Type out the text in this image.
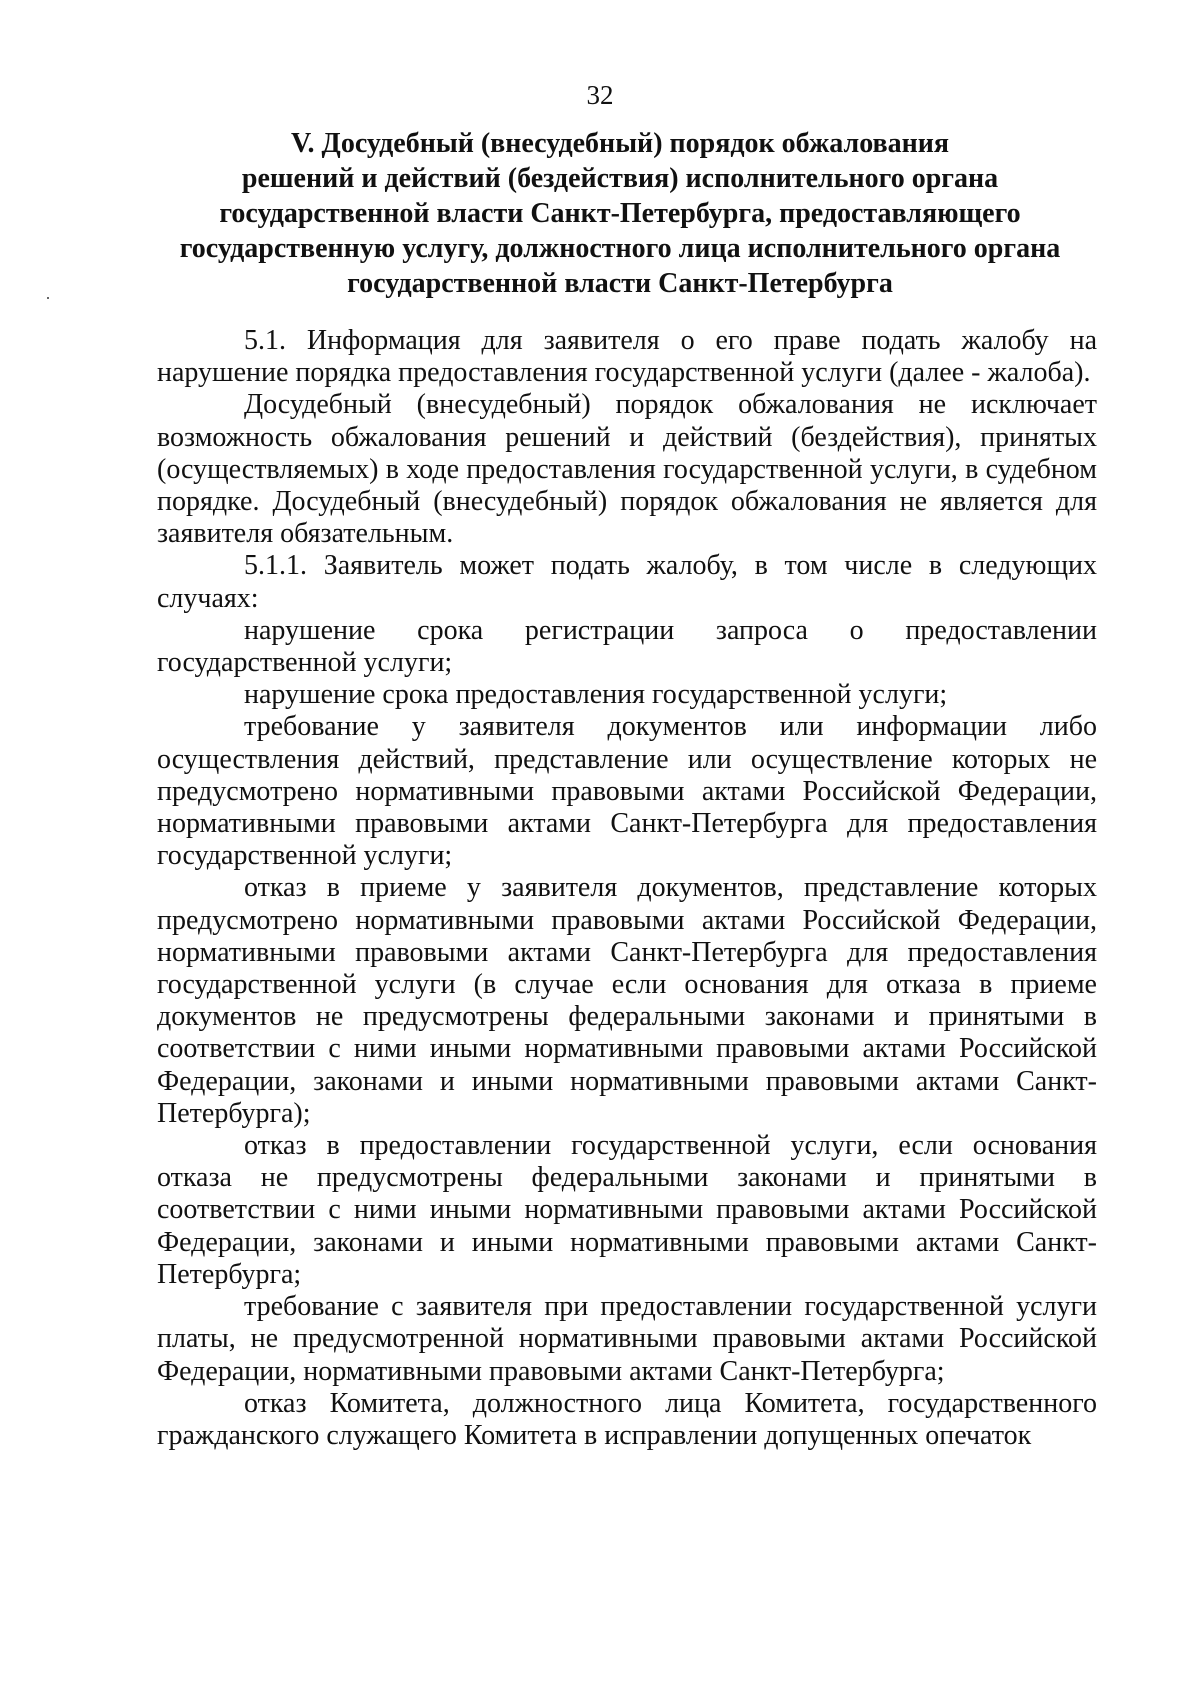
32
V. Досудебный (внесудебный) порядок обжалования
решений и действий (бездействия) исполнительного органа
государственной власти Санкт-Петербурга, предоставляющего
государственную услугу, должностного лица исполнительного органа
государственной власти Санкт-Петербурга

5.1. Информация для заявителя о его праве подать жалобу на нарушение порядка предоставления государственной услуги (далее - жалоба).

Досудебный (внесудебный) порядок обжалования не исключает возможность обжалования решений и действий (бездействия), принятых (осуществляемых) в ходе предоставления государственной услуги, в судебном порядке. Досудебный (внесудебный) порядок обжалования не является для заявителя обязательным.

5.1.1. Заявитель может подать жалобу, в том числе в следующих случаях:

нарушение срока регистрации запроса о предоставлении государственной услуги;

нарушение срока предоставления государственной услуги;

требование у заявителя документов или информации либо осуществления действий, представление или осуществление которых не предусмотрено нормативными правовыми актами Российской Федерации, нормативными правовыми актами Санкт-Петербурга для предоставления государственной услуги;

отказ в приеме у заявителя документов, представление которых предусмотрено нормативными правовыми актами Российской Федерации, нормативными правовыми актами Санкт-Петербурга для предоставления государственной услуги (в случае если основания для отказа в приеме документов не предусмотрены федеральными законами и принятыми в соответствии с ними иными нормативными правовыми актами Российской Федерации, законами и иными нормативными правовыми актами Санкт-Петербурга);

отказ в предоставлении государственной услуги, если основания отказа не предусмотрены федеральными законами и принятыми в соответствии с ними иными нормативными правовыми актами Российской Федерации, законами и иными нормативными правовыми актами Санкт-Петербурга;

требование с заявителя при предоставлении государственной услуги платы, не предусмотренной нормативными правовыми актами Российской Федерации, нормативными правовыми актами Санкт-Петербурга;

отказ Комитета, должностного лица Комитета, государственного гражданского служащего Комитета в исправлении допущенных опечаток
